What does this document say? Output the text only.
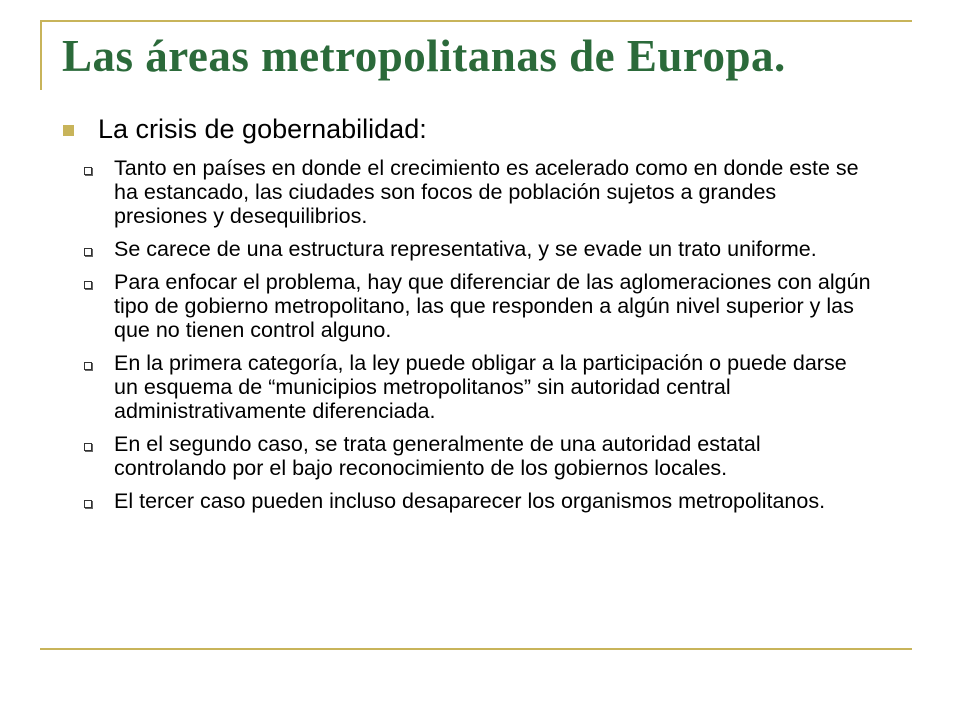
Las áreas metropolitanas de Europa.
La crisis de gobernabilidad:
Tanto en países en donde el crecimiento es acelerado como en donde este se ha estancado, las ciudades son focos de población sujetos a grandes presiones y desequilibrios.
Se carece de una estructura representativa, y se evade un trato uniforme.
Para enfocar el problema, hay que diferenciar de las aglomeraciones con algún tipo de gobierno metropolitano, las que responden a algún nivel superior y las que no tienen control alguno.
En la primera categoría, la ley puede obligar a la participación o puede darse un esquema de “municipios metropolitanos” sin autoridad central administrativamente diferenciada.
En el segundo caso, se trata generalmente de una autoridad estatal controlando por el bajo reconocimiento de los gobiernos locales.
El tercer caso pueden incluso desaparecer los organismos metropolitanos.
